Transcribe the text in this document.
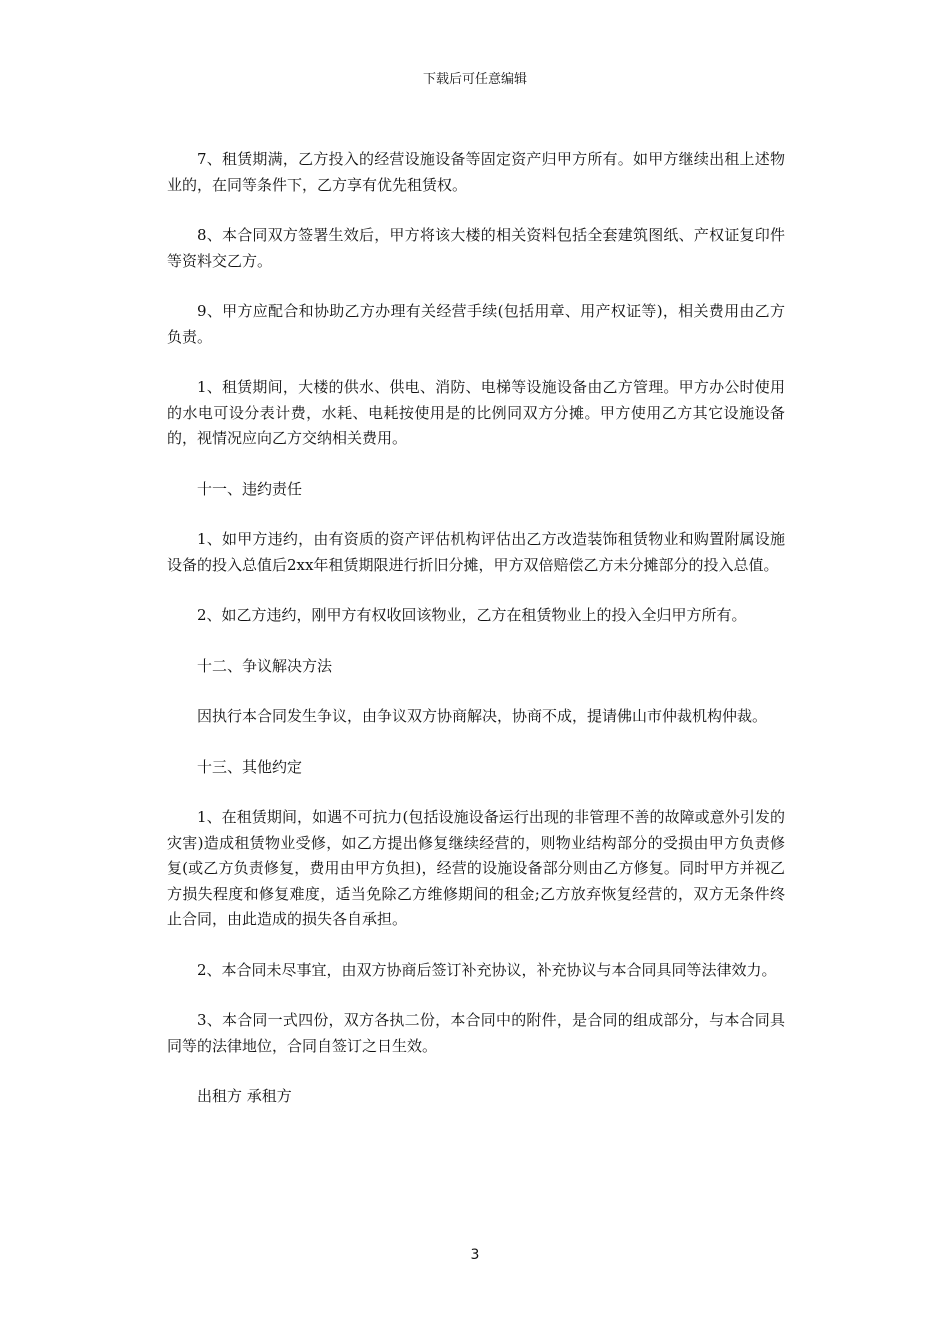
下载后可任意编辑

7、租赁期满，乙方投入的经营设施设备等固定资产归甲方所有。如甲方继续出租上述物业的，在同等条件下，乙方享有优先租赁权。

8、本合同双方签署生效后，甲方将该大楼的相关资料包括全套建筑图纸、产权证复印件等资料交乙方。

9、甲方应配合和协助乙方办理有关经营手续(包括用章、用产权证等)，相关费用由乙方负责。

1、租赁期间，大楼的供水、供电、消防、电梯等设施设备由乙方管理。甲方办公时使用的水电可设分表计费，水耗、电耗按使用是的比例同双方分摊。甲方使用乙方其它设施设备的，视情况应向乙方交纳相关费用。

十一、违约责任

1、如甲方违约，由有资质的资产评估机构评估出乙方改造装饰租赁物业和购置附属设施设备的投入总值后2xx年租赁期限进行折旧分摊，甲方双倍赔偿乙方未分摊部分的投入总值。

2、如乙方违约，刚甲方有权收回该物业，乙方在租赁物业上的投入全归甲方所有。

十二、争议解决方法

因执行本合同发生争议，由争议双方协商解决，协商不成，提请佛山市仲裁机构仲裁。

十三、其他约定

1、在租赁期间，如遇不可抗力(包括设施设备运行出现的非管理不善的故障或意外引发的灾害)造成租赁物业受修，如乙方提出修复继续经营的，则物业结构部分的受损由甲方负责修复(或乙方负责修复，费用由甲方负担)，经营的设施设备部分则由乙方修复。同时甲方并视乙方损失程度和修复难度，适当免除乙方维修期间的租金;乙方放弃恢复经营的，双方无条件终止合同，由此造成的损失各自承担。

2、本合同未尽事宜，由双方协商后签订补充协议，补充协议与本合同具同等法律效力。

3、本合同一式四份，双方各执二份，本合同中的附件，是合同的组成部分，与本合同具同等的法律地位，合同自签订之日生效。

出租方 承租方

3
